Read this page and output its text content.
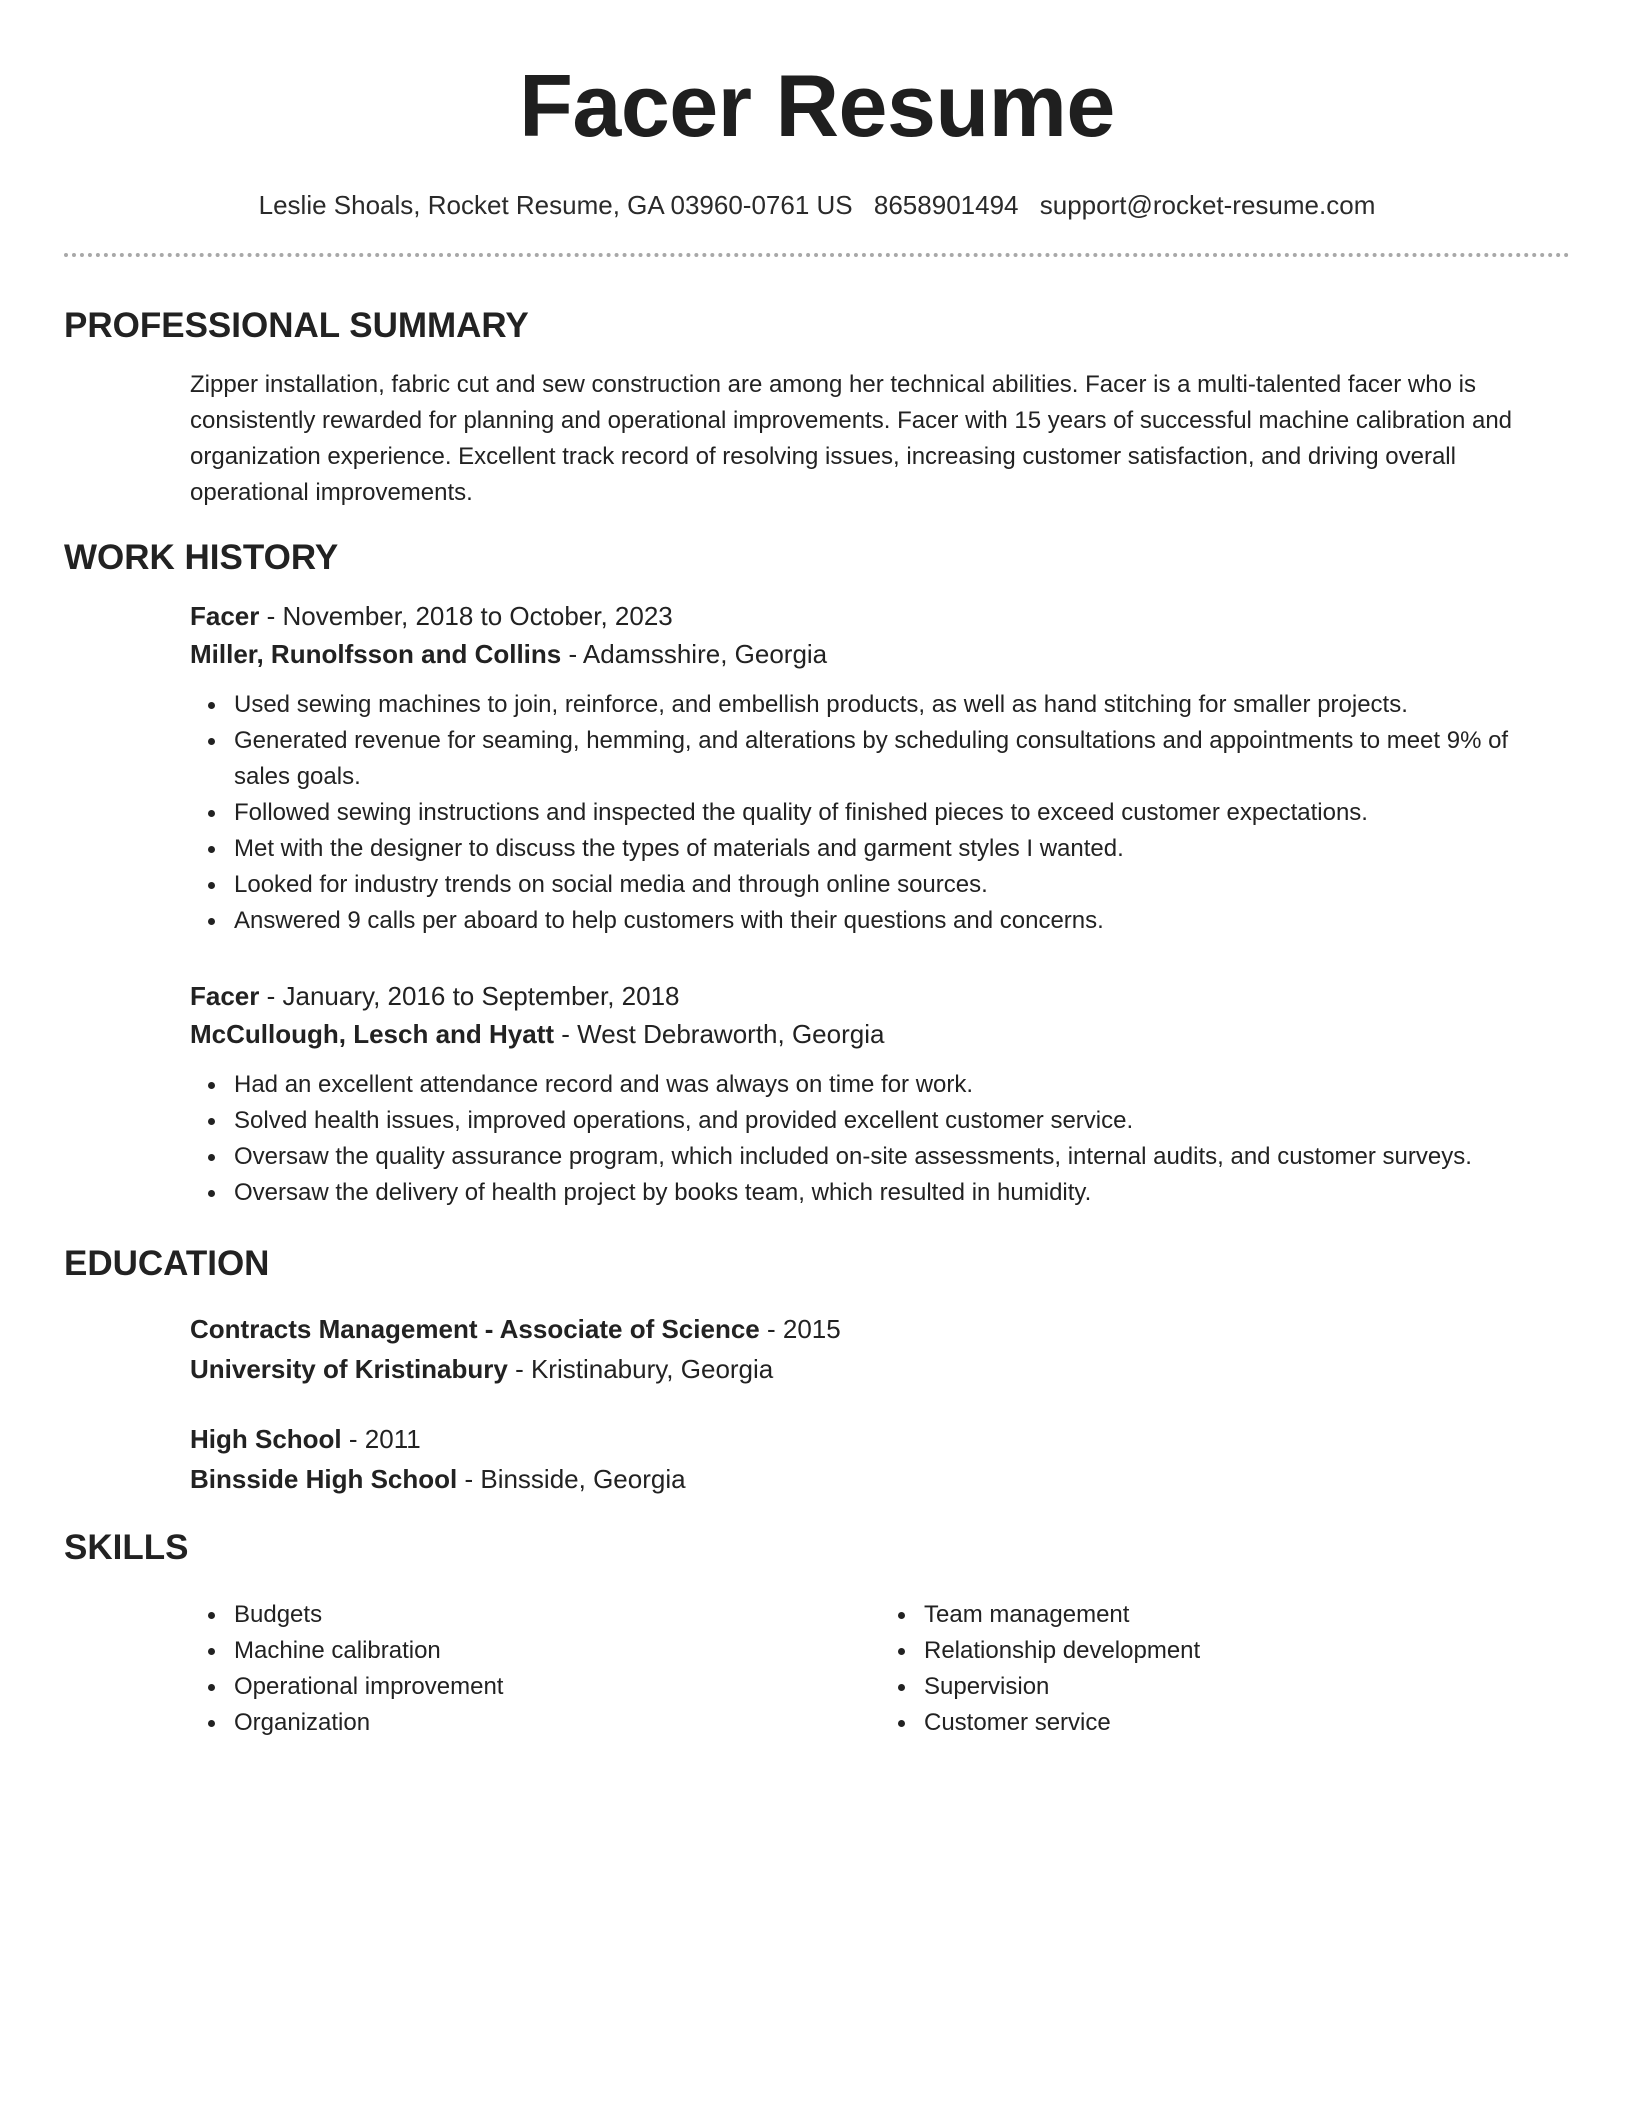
Facer Resume
Leslie Shoals, Rocket Resume, GA 03960-0761 US 8658901494 support@rocket-resume.com
PROFESSIONAL SUMMARY
Zipper installation, fabric cut and sew construction are among her technical abilities. Facer is a multi-talented facer who is consistently rewarded for planning and operational improvements. Facer with 15 years of successful machine calibration and organization experience. Excellent track record of resolving issues, increasing customer satisfaction, and driving overall operational improvements.
WORK HISTORY
Facer - November, 2018 to October, 2023
Miller, Runolfsson and Collins - Adamsshire, Georgia
Used sewing machines to join, reinforce, and embellish products, as well as hand stitching for smaller projects.
Generated revenue for seaming, hemming, and alterations by scheduling consultations and appointments to meet 9% of sales goals.
Followed sewing instructions and inspected the quality of finished pieces to exceed customer expectations.
Met with the designer to discuss the types of materials and garment styles I wanted.
Looked for industry trends on social media and through online sources.
Answered 9 calls per aboard to help customers with their questions and concerns.
Facer - January, 2016 to September, 2018
McCullough, Lesch and Hyatt - West Debraworth, Georgia
Had an excellent attendance record and was always on time for work.
Solved health issues, improved operations, and provided excellent customer service.
Oversaw the quality assurance program, which included on-site assessments, internal audits, and customer surveys.
Oversaw the delivery of health project by books team, which resulted in humidity.
EDUCATION
Contracts Management - Associate of Science - 2015
University of Kristinabury - Kristinabury, Georgia
High School - 2011
Binsside High School - Binsside, Georgia
SKILLS
Budgets
Machine calibration
Operational improvement
Organization
Team management
Relationship development
Supervision
Customer service
